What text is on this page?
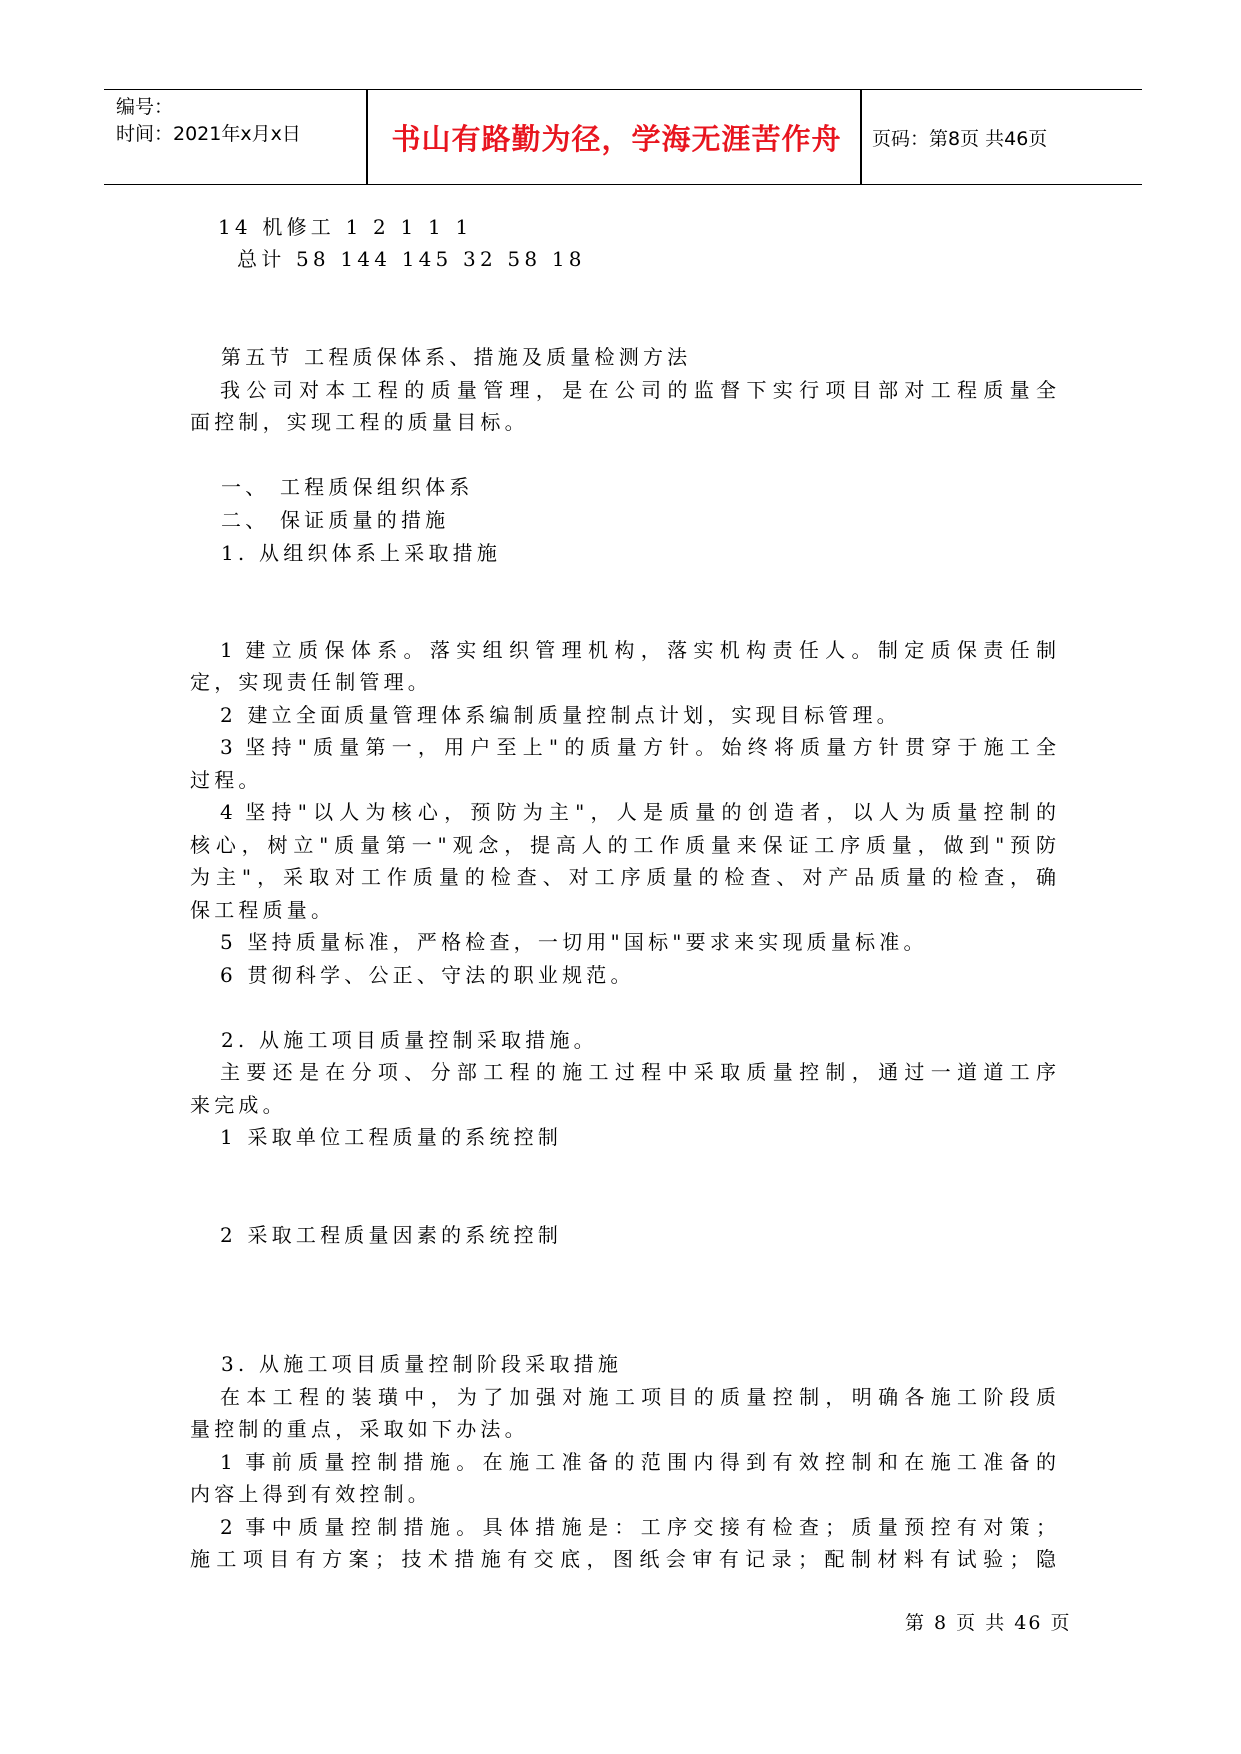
编号：
时间：2021年x月x日	书山有路勤为径，学海无涯苦作舟	页码：第8页 共46页
14 机修工 1 2 1 1 1
总计 58 144 145 32 58 18
第五节 工程质保体系、措施及质量检测方法
我公司对本工程的质量管理，是在公司的监督下实行项目部对工程质量全
面控制，实现工程的质量目标。
一、 工程质保组织体系
二、 保证质量的措施
1. 从组织体系上采取措施
1 建立质保体系。落实组织管理机构，落实机构责任人。制定质保责任制
定，实现责任制管理。
2 建立全面质量管理体系编制质量控制点计划，实现目标管理。
3 坚持"质量第一，用户至上"的质量方针。始终将质量方针贯穿于施工全
过程。
4 坚持"以人为核心，预防为主"，人是质量的创造者，以人为质量控制的
核心，树立"质量第一"观念，提高人的工作质量来保证工序质量，做到"预防
为主"，采取对工作质量的检查、对工序质量的检查、对产品质量的检查，确
保工程质量。
5 坚持质量标准，严格检查，一切用"国标"要求来实现质量标准。
6 贯彻科学、公正、守法的职业规范。
2. 从施工项目质量控制采取措施。
主要还是在分项、分部工程的施工过程中采取质量控制，通过一道道工序
来完成。
1 采取单位工程质量的系统控制
2 采取工程质量因素的系统控制
3. 从施工项目质量控制阶段采取措施
在本工程的装璜中，为了加强对施工项目的质量控制，明确各施工阶段质
量控制的重点，采取如下办法。
1 事前质量控制措施。在施工准备的范围内得到有效控制和在施工准备的
内容上得到有效控制。
2 事中质量控制措施。具体措施是：工序交接有检查；质量预控有对策；
施工项目有方案；技术措施有交底，图纸会审有记录；配制材料有试验；隐
第 8 页 共 46 页
